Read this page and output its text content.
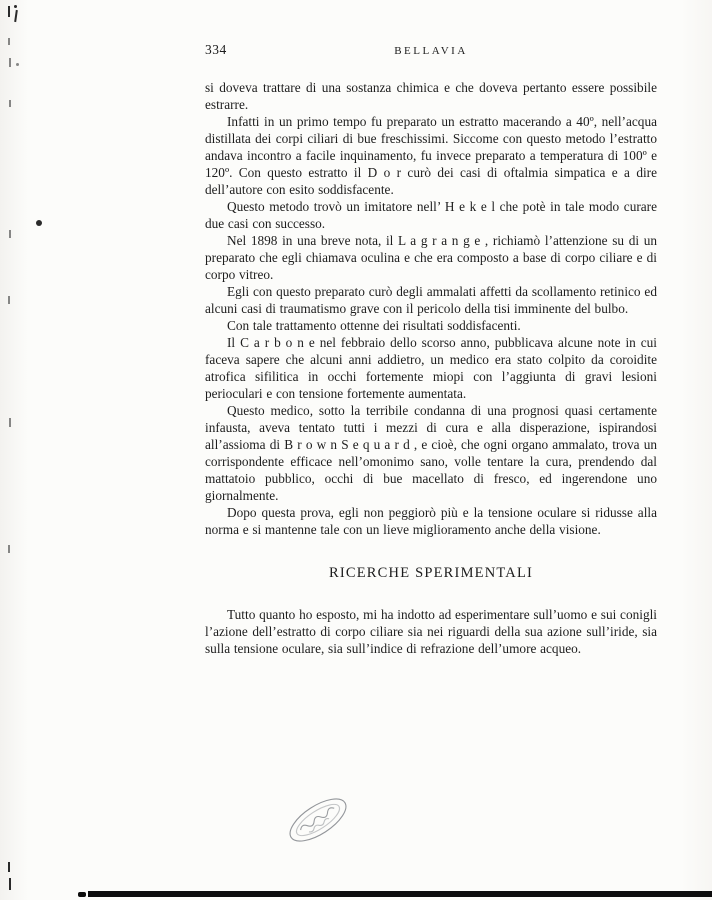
334	BELLAVIA

si doveva trattare di una sostanza chimica e che doveva pertanto essere possibile estrarre.

Infatti in un primo tempo fu preparato un estratto macerando a 40º, nell’acqua distillata dei corpi ciliari di bue freschissimi. Siccome con questo metodo l’estratto andava incontro a facile inquinamento, fu invece preparato a temperatura di 100º e 120º. Con questo estratto il D o r curò dei casi di oftalmia simpatica e a dire dell’autore con esito soddisfacente.

Questo metodo trovò un imitatore nell’ H e k e l che potè in tale modo curare due casi con successo.

Nel 1898 in una breve nota, il L a g r a n g e , richiamò l’attenzione su di un preparato che egli chiamava oculina e che era composto a base di corpo ciliare e di corpo vitreo.

Egli con questo preparato curò degli ammalati affetti da scollamento retinico ed alcuni casi di traumatismo grave con il pericolo della tisi imminente del bulbo.

Con tale trattamento ottenne dei risultati soddisfacenti.

Il C a r b o n e nel febbraio dello scorso anno, pubblicava alcune note in cui faceva sapere che alcuni anni addietro, un medico era stato colpito da coroidite atrofica sifilitica in occhi fortemente miopi con l’aggiunta di gravi lesioni perioculari e con tensione fortemente aumentata.

Questo medico, sotto la terribile condanna di una prognosi quasi certamente infausta, aveva tentato tutti i mezzi di cura e alla disperazione, ispirandosi all’assioma di B r o w n S e q u a r d , e cioè, che ogni organo ammalato, trova un corrispondente efficace nell’omonimo sano, volle tentare la cura, prendendo dal mattatoio pubblico, occhi di bue macellato di fresco, ed ingerendone uno giornalmente.

Dopo questa prova, egli non peggiorò più e la tensione oculare si ridusse alla norma e si mantenne tale con un lieve miglioramento anche della visione.

RICERCHE SPERIMENTALI

Tutto quanto ho esposto, mi ha indotto ad esperimentare sull’uomo e sui conigli l’azione dell’estratto di corpo ciliare sia nei riguardi della sua azione sull’iride, sia sulla tensione oculare, sia sull’indice di refrazione dell’umore acqueo.
